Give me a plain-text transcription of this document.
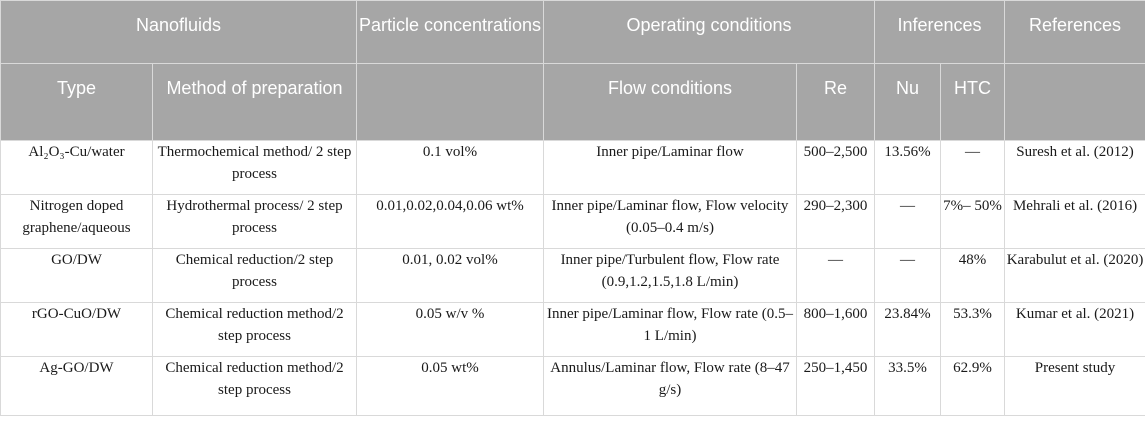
Nanofluids		Particle concentrations	Operating conditions		Inferences		References
Type	Method of preparation		Flow conditions	Re	Nu	HTC	
Al₂O₃-Cu/water	Thermochemical method/ 2 step process	0.1 vol%	Inner pipe/Laminar flow	500–2,500	13.56%	—	Suresh et al. (2012)
Nitrogen doped graphene/aqueous	Hydrothermal process/ 2 step process	0.01,0.02,0.04,0.06 wt%	Inner pipe/Laminar flow, Flow velocity (0.05–0.4 m/s)	290–2,300	—	7%– 50%	Mehrali et al. (2016)
GO/DW	Chemical reduction/2 step process	0.01, 0.02 vol%	Inner pipe/Turbulent flow, Flow rate (0.9,1.2,1.5,1.8 L/min)	—	—	48%	Karabulut et al. (2020)
rGO-CuO/DW	Chemical reduction method/2 step process	0.05 w/v %	Inner pipe/Laminar flow, Flow rate (0.5–1 L/min)	800–1,600	23.84%	53.3%	Kumar et al. (2021)
Ag-GO/DW	Chemical reduction method/2 step process	0.05 wt%	Annulus/Laminar flow, Flow rate (8–47 g/s)	250–1,450	33.5%	62.9%	Present study
